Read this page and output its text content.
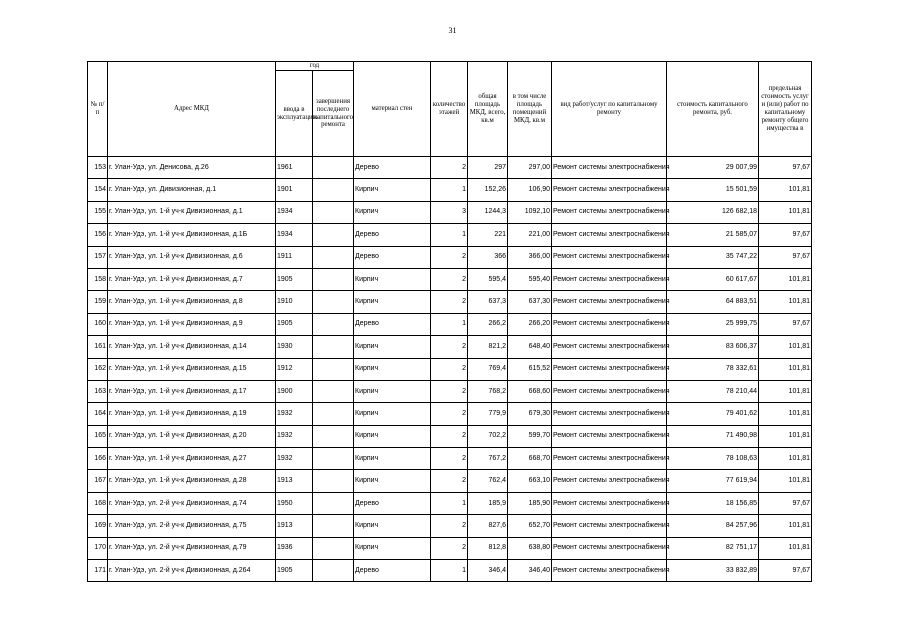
31
№ п/п	Адрес МКД	год		материал стен	количество этажей	общая площадь МКД, всего, кв.м	в том числе площадь помещений МКД, кв.м	вид работ/услуг по капитальному ремонту	стоимость капитального ремонта, руб.	предельная стоимость услуг и (или) работ по капитальному ремонту общего имущества в
		ввода в эксплуатацию	завершения последнего капитального ремонта							
153	г. Улан-Удэ, ул. Денисова, д.26	1961		Дерево	2	297	297,00	Ремонт системы электроснабжения	29 007,99	97,67
154	г. Улан-Удэ, ул. Дивизионная, д.1	1901		Кирпич	1	152,26	106,90	Ремонт системы электроснабжения	15 501,59	101,81
155	г. Улан-Удэ, ул. 1-й уч-к Дивизионная, д.1	1934		Кирпич	3	1244,3	1092,10	Ремонт системы электроснабжения	126 682,18	101,81
156	г. Улан-Удэ, ул. 1-й уч-к Дивизионная, д.1Б	1934		Дерево	1	221	221,00	Ремонт системы электроснабжения	21 585,07	97,67
157	г. Улан-Удэ, ул. 1-й уч-к Дивизионная, д.6	1911		Дерево	2	366	366,00	Ремонт системы электроснабжения	35 747,22	97,67
158	г. Улан-Удэ, ул. 1-й уч-к Дивизионная, д.7	1905		Кирпич	2	595,4	595,40	Ремонт системы электроснабжения	60 617,67	101,81
159	г. Улан-Удэ, ул. 1-й уч-к Дивизионная, д.8	1910		Кирпич	2	637,3	637,30	Ремонт системы электроснабжения	64 883,51	101,81
160	г. Улан-Удэ, ул. 1-й уч-к Дивизионная, д.9	1905		Дерево	1	266,2	266,20	Ремонт системы электроснабжения	25 999,75	97,67
161	г. Улан-Удэ, ул. 1-й уч-к Дивизионная, д.14	1930		Кирпич	2	821,2	648,40	Ремонт системы электроснабжения	83 606,37	101,81
162	г. Улан-Удэ, ул. 1-й уч-к Дивизионная, д.15	1912		Кирпич	2	769,4	615,52	Ремонт системы электроснабжения	78 332,61	101,81
163	г. Улан-Удэ, ул. 1-й уч-к Дивизионная, д.17	1900		Кирпич	2	768,2	668,60	Ремонт системы электроснабжения	78 210,44	101,81
164	г. Улан-Удэ, ул. 1-й уч-к Дивизионная, д.19	1932		Кирпич	2	779,9	679,30	Ремонт системы электроснабжения	79 401,62	101,81
165	г. Улан-Удэ, ул. 1-й уч-к Дивизионная, д.20	1932		Кирпич	2	702,2	599,70	Ремонт системы электроснабжения	71 490,98	101,81
166	г. Улан-Удэ, ул. 1-й уч-к Дивизионная, д.27	1932		Кирпич	2	767,2	668,70	Ремонт системы электроснабжения	78 108,63	101,81
167	г. Улан-Удэ, ул. 1-й уч-к Дивизионная, д.28	1913		Кирпич	2	762,4	663,10	Ремонт системы электроснабжения	77 619,94	101,81
168	г. Улан-Удэ, ул. 2-й уч-к Дивизионная, д.74	1950		Дерево	1	185,9	185,90	Ремонт системы электроснабжения	18 156,85	97,67
169	г. Улан-Удэ, ул. 2-й уч-к Дивизионная, д.75	1913		Кирпич	2	827,6	652,70	Ремонт системы электроснабжения	84 257,96	101,81
170	г. Улан-Удэ, ул. 2-й уч-к Дивизионная, д.79	1936		Кирпич	2	812,8	638,80	Ремонт системы электроснабжения	82 751,17	101,81
171	г. Улан-Удэ, ул. 2-й уч-к Дивизионная, д.264	1905		Дерево	1	346,4	346,40	Ремонт системы электроснабжения	33 832,89	97,67
